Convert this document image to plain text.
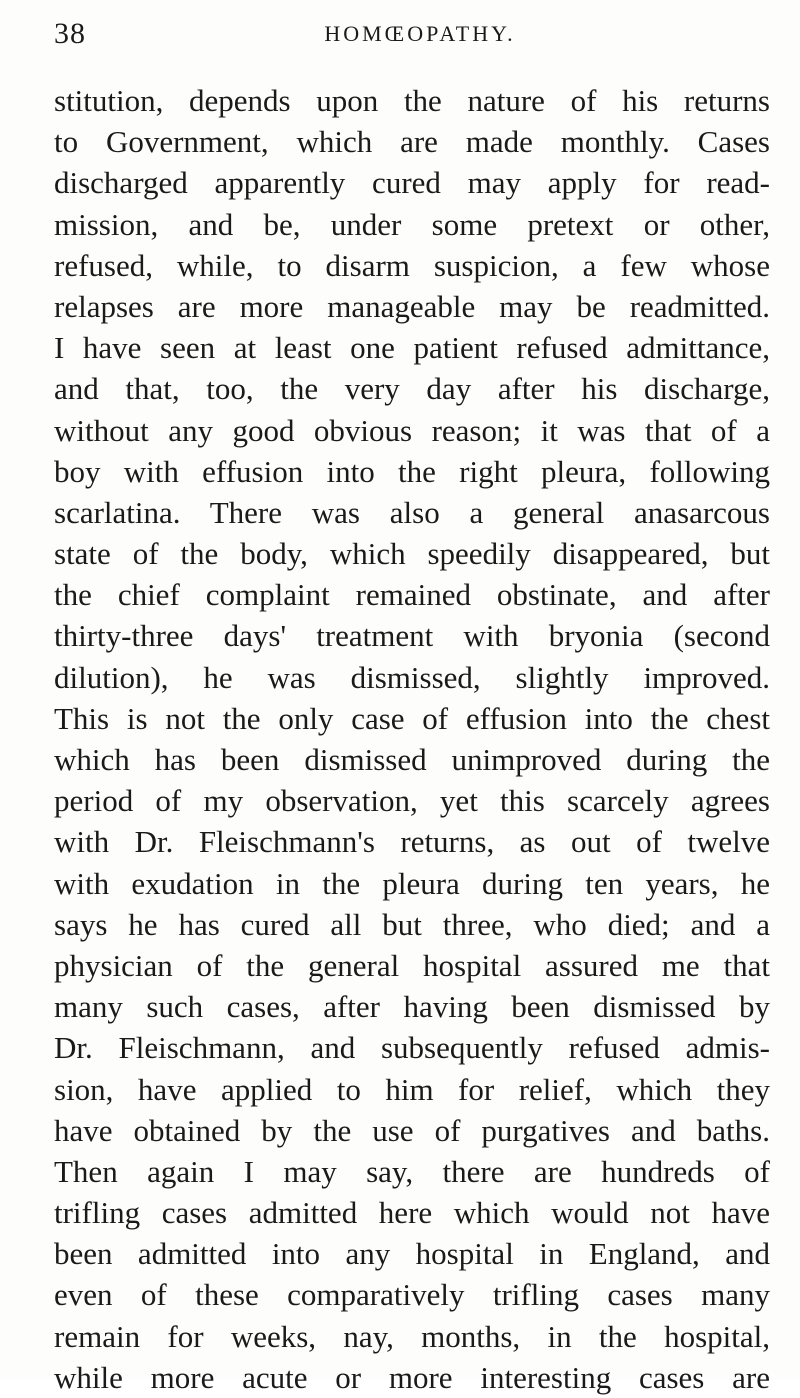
38	HOMŒOPATHY.
stitution, depends upon the nature of his returns
to Government, which are made monthly. Cases
discharged apparently cured may apply for read-
mission, and be, under some pretext or other,
refused, while, to disarm suspicion, a few whose
relapses are more manageable may be readmitted.
I have seen at least one patient refused admittance,
and that, too, the very day after his discharge,
without any good obvious reason; it was that of a
boy with effusion into the right pleura, following
scarlatina. There was also a general anasarcous
state of the body, which speedily disappeared, but
the chief complaint remained obstinate, and after
thirty-three days' treatment with bryonia (second
dilution), he was dismissed, slightly improved.
This is not the only case of effusion into the chest
which has been dismissed unimproved during the
period of my observation, yet this scarcely agrees
with Dr. Fleischmann's returns, as out of twelve
with exudation in the pleura during ten years, he
says he has cured all but three, who died; and a
physician of the general hospital assured me that
many such cases, after having been dismissed by
Dr. Fleischmann, and subsequently refused admis-
sion, have applied to him for relief, which they
have obtained by the use of purgatives and baths.
Then again I may say, there are hundreds of
trifling cases admitted here which would not have
been admitted into any hospital in England, and
even of these comparatively trifling cases many
remain for weeks, nay, months, in the hospital,
while more acute or more interesting cases are
